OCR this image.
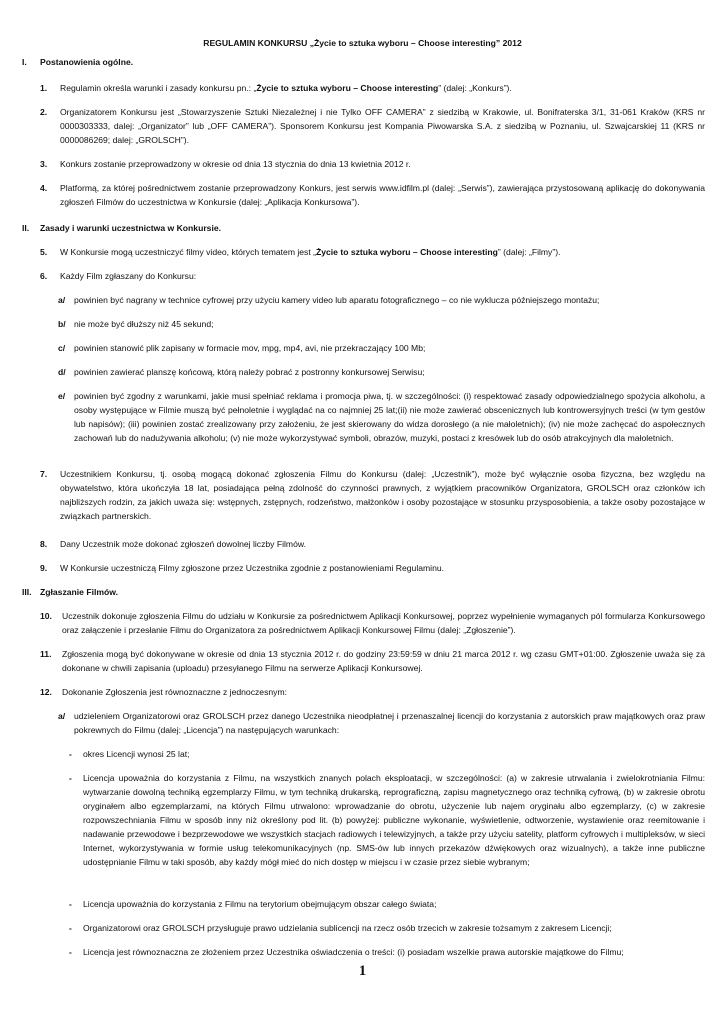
REGULAMIN KONKURSU „Życie to sztuka wyboru – Choose interesting” 2012
I. Postanowienia ogólne.
1. Regulamin określa warunki i zasady konkursu pn.: „Życie to sztuka wyboru – Choose interesting” (dalej: „Konkurs”).
2. Organizatorem Konkursu jest „Stowarzyszenie Sztuki Niezależnej i nie Tylko OFF CAMERA” z siedzibą w Krakowie, ul. Bonifraterska 3/1, 31-061 Kraków (KRS nr 0000303333, dalej: „Organizator” lub „OFF CAMERA”). Sponsorem Konkursu jest Kompania Piwowarska S.A. z siedzibą w Poznaniu, ul. Szwajcarskiej 11 (KRS nr 0000086269; dalej: „GROLSCH”).
3. Konkurs zostanie przeprowadzony w okresie od dnia 13 stycznia do dnia 13 kwietnia 2012 r.
4. Platformą, za której pośrednictwem zostanie przeprowadzony Konkurs, jest serwis www.idfilm.pl (dalej: „Serwis”), zawierająca przystosowaną aplikację do dokonywania zgłoszeń Filmów do uczestnictwa w Konkursie (dalej: „Aplikacja Konkursowa”).
II. Zasady i warunki uczestnictwa w Konkursie.
5. W Konkursie mogą uczestniczyć filmy video, których tematem jest „Życie to sztuka wyboru – Choose interesting” (dalej: „Filmy”).
6. Każdy Film zgłaszany do Konkursu:
a/ powinien być nagrany w technice cyfrowej przy użyciu kamery video lub aparatu fotograficznego – co nie wyklucza późniejszego montażu;
b/ nie może być dłuższy niż 45 sekund;
c/ powinien stanowić plik zapisany w formacie mov, mpg, mp4, avi, nie przekraczający 100 Mb;
d/ powinien zawierać planszę końcową, którą należy pobrać z postronny konkursowej Serwisu;
e/ powinien być zgodny z warunkami, jakie musi spełniać reklama i promocja piwa, tj. w szczególności: (i) respektować zasady odpowiedzialnego spożycia alkoholu, a osoby występujące w Filmie muszą być pełnoletnie i wyglądać na co najmniej 25 lat;(ii) nie może zawierać obscenicznych lub kontrowersyjnych treści (w tym gestów lub napisów); (iii) powinien zostać zrealizowany przy założeniu, że jest skierowany do widza dorosłego (a nie małoletnich); (iv) nie może zachęcać do aspołecznych zachowań lub do nadużywania alkoholu; (v) nie może wykorzystywać symboli, obrazów, muzyki, postaci z kresówek lub do osób atrakcyjnych dla małoletnich.
7. Uczestnikiem Konkursu, tj. osobą mogącą dokonać zgłoszenia Filmu do Konkursu (dalej: „Uczestnik”), może być wyłącznie osoba fizyczna, bez względu na obywatelstwo, która ukończyła 18 lat, posiadająca pełną zdolność do czynności prawnych, z wyjątkiem pracowników Organizatora, GROLSCH oraz członków ich najbliższych rodzin, za jakich uważa się: wstępnych, zstępnych, rodzeństwo, małżonków i osoby pozostające w stosunku przysposobienia, a także osoby pozostające w związkach partnerskich.
8. Dany Uczestnik może dokonać zgłoszeń dowolnej liczby Filmów.
9. W Konkursie uczestniczą Filmy zgłoszone przez Uczestnika zgodnie z postanowieniami Regulaminu.
III. Zgłaszanie Filmów.
10. Uczestnik dokonuje zgłoszenia Filmu do udziału w Konkursie za pośrednictwem Aplikacji Konkursowej, poprzez wypełnienie wymaganych pól formularza Konkursowego oraz załączenie i przesłanie Filmu do Organizatora za pośrednictwem Aplikacji Konkursowej Filmu (dalej: „Zgłoszenie”).
11. Zgłoszenia mogą być dokonywane w okresie od dnia 13 stycznia 2012 r. do godziny 23:59:59 w dniu 21 marca 2012 r. wg czasu GMT+01:00. Zgłoszenie uważa się za dokonane w chwili zapisania (uploadu) przesyłanego Filmu na serwerze Aplikacji Konkursowej.
12. Dokonanie Zgłoszenia jest równoznaczne z jednoczesnym:
a/ udzieleniem Organizatorowi oraz GROLSCH przez danego Uczestnika nieodpłatnej i przenaszalnej licencji do korzystania z autorskich praw majątkowych oraz praw pokrewnych do Filmu (dalej: „Licencja”) na następujących warunkach:
- okres Licencji wynosi 25 lat;
- Licencja upoważnia do korzystania z Filmu, na wszystkich znanych polach eksploatacji, w szczególności: (a) w zakresie utrwalania i zwielokrotniania Filmu: wytwarzanie dowolną techniką egzemplarzy Filmu, w tym techniką drukarską, reprograficzną, zapisu magnetycznego oraz techniką cyfrową, (b) w zakresie obrotu oryginałem albo egzemplarzami, na których Filmu utrwalono: wprowadzanie do obrotu, użyczenie lub najem oryginału albo egzemplarzy, (c) w zakresie rozpowszechniania Filmu w sposób inny niż określony pod lit. (b) powyżej: publiczne wykonanie, wyświetlenie, odtworzenie, wystawienie oraz reemitowanie i nadawanie przewodowe i bezprzewodowe we wszystkich stacjach radiowych i telewizyjnych, a także przy użyciu satelity, platform cyfrowych i multipleksów, w sieci Internet, wykorzystywania w formie usług telekomunikacyjnych (np. SMS-ów lub innych przekazów dźwiękowych oraz wizualnych), a także inne publiczne udostępnianie Filmu w taki sposób, aby każdy mógł mieć do nich dostęp w miejscu i w czasie przez siebie wybranym;
- Licencja upoważnia do korzystania z Filmu na terytorium obejmującym obszar całego świata;
- Organizatorowi oraz GROLSCH przysługuje prawo udzielania sublicencji na rzecz osób trzecich w zakresie tożsamym z zakresem Licencji;
- Licencja jest równoznaczna ze złożeniem przez Uczestnika oświadczenia o treści: (i) posiadam wszelkie prawa autorskie majątkowe do Filmu;
1
